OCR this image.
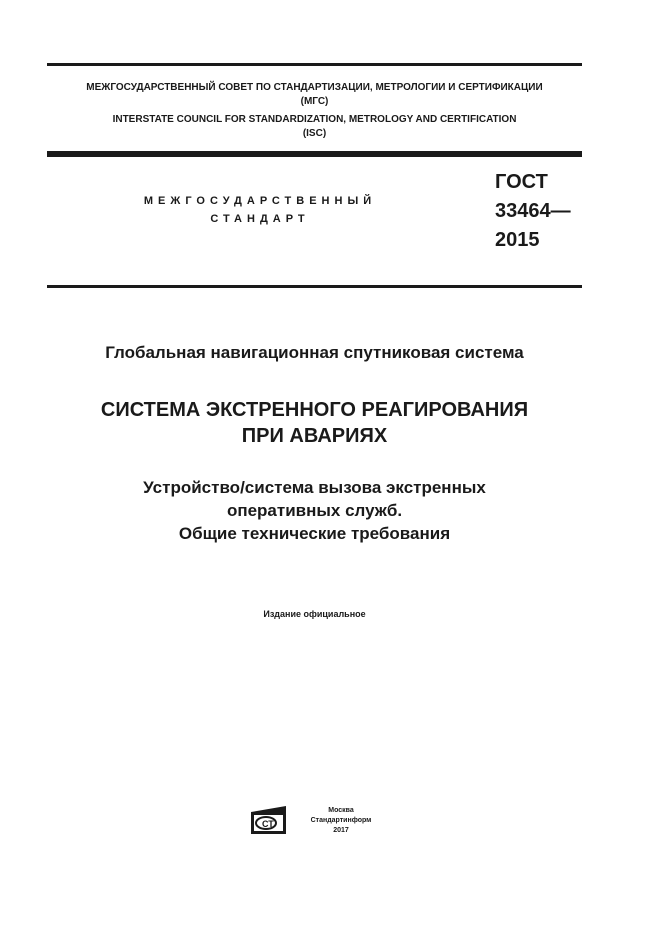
МЕЖГОСУДАРСТВЕННЫЙ СОВЕТ ПО СТАНДАРТИЗАЦИИ, МЕТРОЛОГИИ И СЕРТИФИКАЦИИ
(МГС)
INTERSTATE COUNCIL FOR STANDARDIZATION, METROLOGY AND CERTIFICATION
(ISC)
МЕЖГОСУДАРСТВЕННЫЙ
СТАНДАРТ
ГОСТ
33464—
2015
Глобальная навигационная спутниковая система
СИСТЕМА ЭКСТРЕННОГО РЕАГИРОВАНИЯ
ПРИ АВАРИЯХ
Устройство/система вызова экстренных
оперативных служб.
Общие технические требования
Издание официальное
СТ
Москва
Стандартинформ
2017
